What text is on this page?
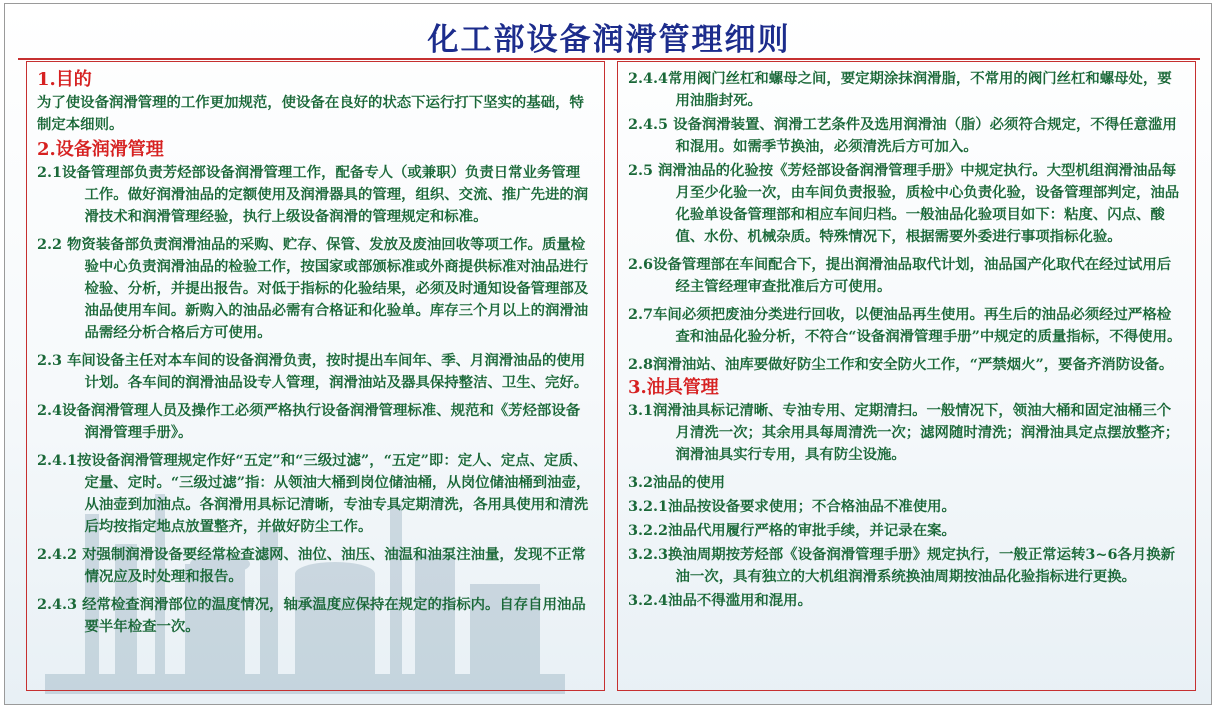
化工部设备润滑管理细则
1.目的
为了使设备润滑管理的工作更加规范，使设备在良好的状态下运行打下坚实的基础，特制定本细则。
2.设备润滑管理
2.1设备管理部负责芳烃部设备润滑管理工作，配备专人（或兼职）负责日常业务管理工作。做好润滑油品的定额使用及润滑器具的管理，组织、交流、推广先进的润滑技术和润滑管理经验，执行上级设备润滑的管理规定和标准。
2.2 物资装备部负责润滑油品的采购、贮存、保管、发放及废油回收等项工作。质量检验中心负责润滑油品的检验工作，按国家或部颁标准或外商提供标准对油品进行检验、分析，并提出报告。对低于指标的化验结果，必须及时通知设备管理部及油品使用车间。新购入的油品必需有合格证和化验单。库存三个月以上的润滑油品需经分析合格后方可使用。
2.3 车间设备主任对本车间的设备润滑负责，按时提出车间年、季、月润滑油品的使用计划。各车间的润滑油品设专人管理，润滑油站及器具保持整洁、卫生、完好。
2.4设备润滑管理人员及操作工必须严格执行设备润滑管理标准、规范和《芳烃部设备润滑管理手册》。
2.4.1按设备润滑管理规定作好“五定”和“三级过滤”，“五定”即：定人、定点、定质、定量、定时。“三级过滤”指：从领油大桶到岗位储油桶，从岗位储油桶到油壶，从油壶到加油点。各润滑用具标记清晰，专油专具定期清洗，各用具使用和清洗后均按指定地点放置整齐，并做好防尘工作。
2.4.2 对强制润滑设备要经常检查滤网、油位、油压、油温和油泵注油量，发现不正常情况应及时处理和报告。
2.4.3 经常检查润滑部位的温度情况，轴承温度应保持在规定的指标内。自存自用油品要半年检查一次。
2.4.4常用阀门丝杠和螺母之间，要定期涂抹润滑脂，不常用的阀门丝杠和螺母处，要用油脂封死。
2.4.5 设备润滑装置、润滑工艺条件及选用润滑油（脂）必须符合规定，不得任意滥用和混用。如需季节换油，必须清洗后方可加入。
2.5 润滑油品的化验按《芳烃部设备润滑管理手册》中规定执行。大型机组润滑油品每月至少化验一次，由车间负责报验，质检中心负责化验，设备管理部判定，油品化验单设备管理部和相应车间归档。一般油品化验项目如下：粘度、闪点、酸值、水份、机械杂质。特殊情况下，根据需要外委进行事项指标化验。
2.6设备管理部在车间配合下，提出润滑油品取代计划，油品国产化取代在经过试用后经主管经理审查批准后方可使用。
2.7车间必须把废油分类进行回收，以便油品再生使用。再生后的油品必须经过严格检查和油品化验分析，不符合“设备润滑管理手册”中规定的质量指标，不得使用。
2.8润滑油站、油库要做好防尘工作和安全防火工作，“严禁烟火”，要备齐消防设备。
3.油具管理
3.1润滑油具标记清晰、专油专用、定期清扫。一般情况下，领油大桶和固定油桶三个月清洗一次；其余用具每周清洗一次；滤网随时清洗；润滑油具定点摆放整齐；润滑油具实行专用，具有防尘设施。
3.2油品的使用
3.2.1油品按设备要求使用；不合格油品不准使用。
3.2.2油品代用履行严格的审批手续，并记录在案。
3.2.3换油周期按芳烃部《设备润滑管理手册》规定执行，一般正常运转3~6各月换新油一次，具有独立的大机组润滑系统换油周期按油品化验指标进行更换。
3.2.4油品不得滥用和混用。
